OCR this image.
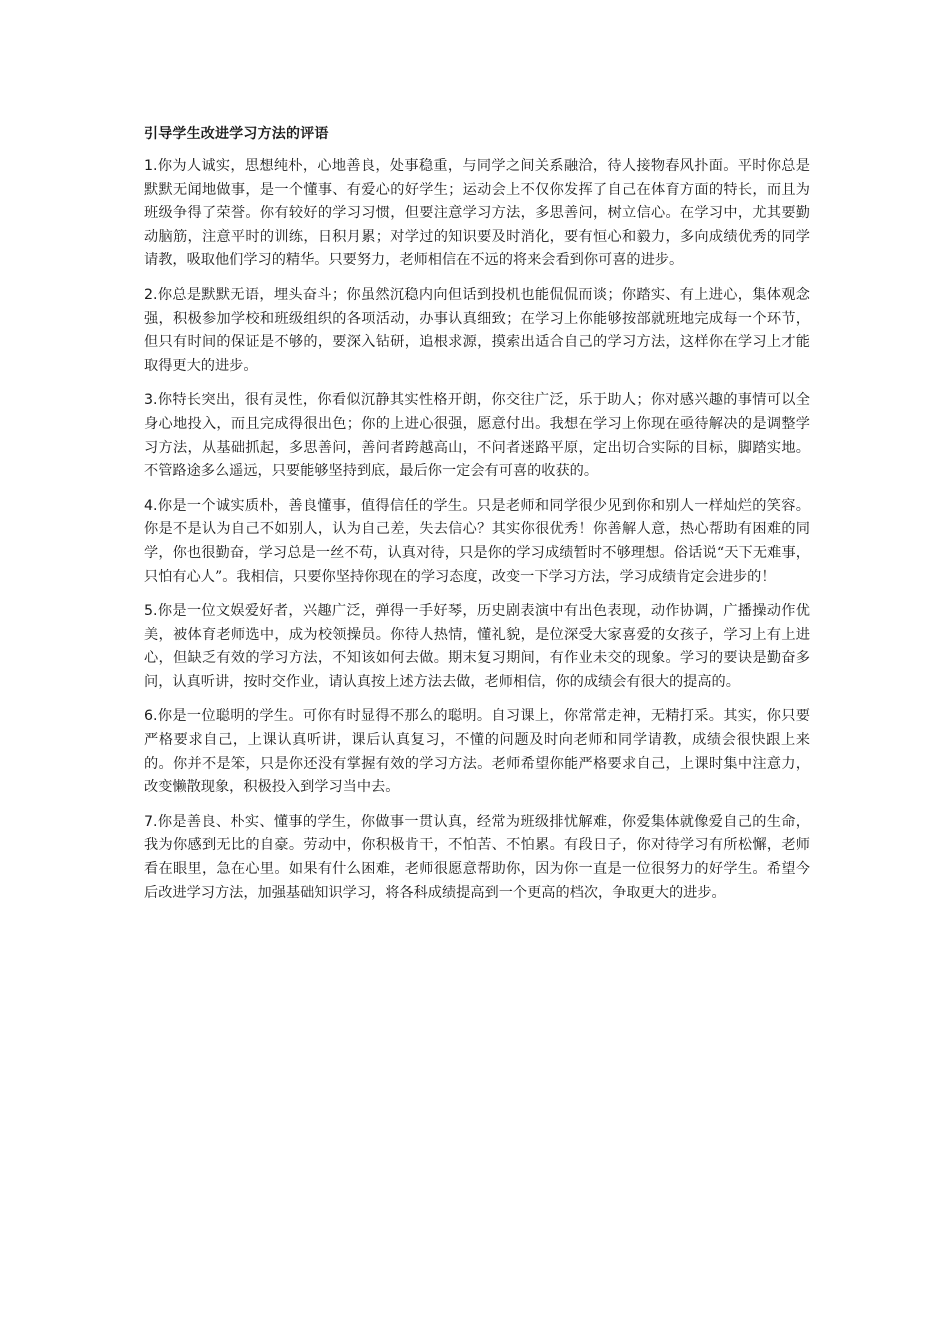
引导学生改进学习方法的评语

1.你为人诚实，思想纯朴，心地善良，处事稳重，与同学之间关系融洽，待人接物春风扑面。平时你总是默默无闻地做事，是一个懂事、有爱心的好学生；运动会上不仅你发挥了自己在体育方面的特长，而且为班级争得了荣誉。你有较好的学习习惯，但要注意学习方法，多思善问，树立信心。在学习中，尤其要勤动脑筋，注意平时的训练，日积月累；对学过的知识要及时消化，要有恒心和毅力，多向成绩优秀的同学请教，吸取他们学习的精华。只要努力，老师相信在不远的将来会看到你可喜的进步。

2.你总是默默无语，埋头奋斗；你虽然沉稳内向但话到投机也能侃侃而谈；你踏实、有上进心，集体观念强，积极参加学校和班级组织的各项活动，办事认真细致；在学习上你能够按部就班地完成每一个环节，但只有时间的保证是不够的，要深入钻研，追根求源，摸索出适合自己的学习方法，这样你在学习上才能取得更大的进步。

3.你特长突出，很有灵性，你看似沉静其实性格开朗，你交往广泛，乐于助人；你对感兴趣的事情可以全身心地投入，而且完成得很出色；你的上进心很强，愿意付出。我想在学习上你现在亟待解决的是调整学习方法，从基础抓起，多思善问，善问者跨越高山，不问者迷路平原，定出切合实际的目标，脚踏实地。不管路途多么遥远，只要能够坚持到底，最后你一定会有可喜的收获的。

4.你是一个诚实质朴，善良懂事，值得信任的学生。只是老师和同学很少见到你和别人一样灿烂的笑容。你是不是认为自己不如别人，认为自己差，失去信心？其实你很优秀！你善解人意，热心帮助有困难的同学，你也很勤奋，学习总是一丝不苟，认真对待，只是你的学习成绩暂时不够理想。俗话说“天下无难事，只怕有心人”。我相信，只要你坚持你现在的学习态度，改变一下学习方法，学习成绩肯定会进步的！

5.你是一位文娱爱好者，兴趣广泛，弹得一手好琴，历史剧表演中有出色表现，动作协调，广播操动作优美，被体育老师选中，成为校领操员。你待人热情，懂礼貌，是位深受大家喜爱的女孩子，学习上有上进心，但缺乏有效的学习方法，不知该如何去做。期末复习期间，有作业未交的现象。学习的要诀是勤奋多问，认真听讲，按时交作业，请认真按上述方法去做，老师相信，你的成绩会有很大的提高的。

6.你是一位聪明的学生。可你有时显得不那么的聪明。自习课上，你常常走神，无精打采。其实，你只要严格要求自己，上课认真听讲，课后认真复习，不懂的问题及时向老师和同学请教，成绩会很快跟上来的。你并不是笨，只是你还没有掌握有效的学习方法。老师希望你能严格要求自己，上课时集中注意力，改变懒散现象，积极投入到学习当中去。

7.你是善良、朴实、懂事的学生，你做事一贯认真，经常为班级排忧解难，你爱集体就像爱自己的生命，我为你感到无比的自豪。劳动中，你积极肯干，不怕苦、不怕累。有段日子，你对待学习有所松懈，老师看在眼里，急在心里。如果有什么困难，老师很愿意帮助你，因为你一直是一位很努力的好学生。希望今后改进学习方法，加强基础知识学习，将各科成绩提高到一个更高的档次，争取更大的进步。
